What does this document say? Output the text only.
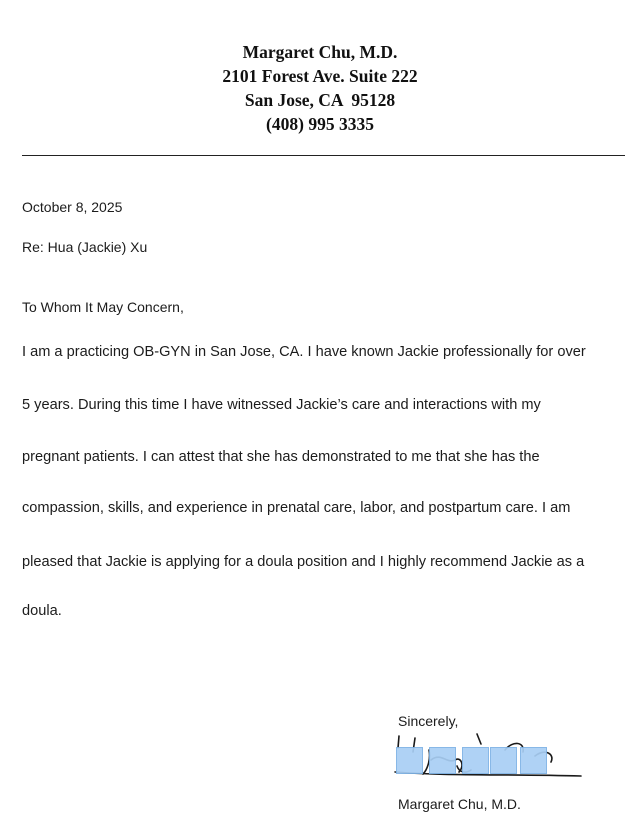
Margaret Chu, M.D.
2101 Forest Ave. Suite 222
San Jose, CA  95128
(408) 995 3335
October 8, 2025
Re: Hua (Jackie) Xu
To Whom It May Concern,
I am a practicing OB-GYN in San Jose, CA. I have known Jackie professionally for over
5 years. During this time I have witnessed Jackie’s care and interactions with my
pregnant patients. I can attest that she has demonstrated to me that she has the
compassion, skills, and experience in prenatal care, labor, and postpartum care. I am
pleased that Jackie is applying for a doula position and I highly recommend Jackie as a
doula.
Sincerely,
Margaret Chu, M.D.
